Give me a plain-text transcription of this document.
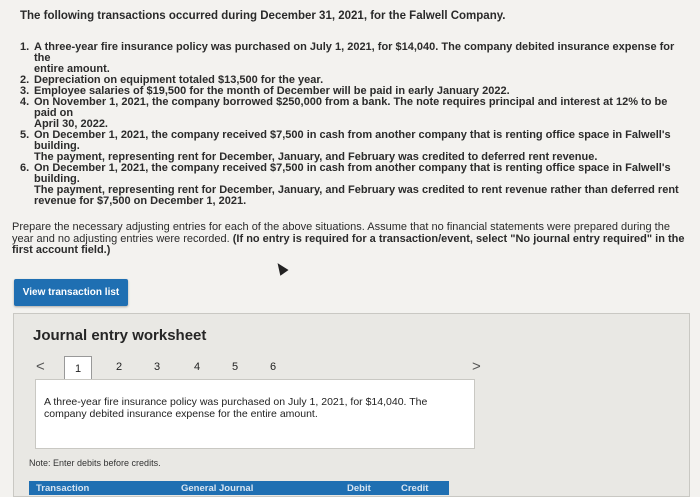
The following transactions occurred during December 31, 2021, for the Falwell Company.
1. A three-year fire insurance policy was purchased on July 1, 2021, for $14,040. The company debited insurance expense for the
entire amount.
2. Depreciation on equipment totaled $13,500 for the year.
3. Employee salaries of $19,500 for the month of December will be paid in early January 2022.
4. On November 1, 2021, the company borrowed $250,000 from a bank. The note requires principal and interest at 12% to be paid on
April 30, 2022.
5. On December 1, 2021, the company received $7,500 in cash from another company that is renting office space in Falwell's building.
The payment, representing rent for December, January, and February was credited to deferred rent revenue.
6. On December 1, 2021, the company received $7,500 in cash from another company that is renting office space in Falwell's building.
The payment, representing rent for December, January, and February was credited to rent revenue rather than deferred rent
revenue for $7,500 on December 1, 2021.
Prepare the necessary adjusting entries for each of the above situations. Assume that no financial statements were prepared during the year and no adjusting entries were recorded. (If no entry is required for a transaction/event, select "No journal entry required" in the first account field.)
View transaction list
Journal entry worksheet
<	1	2	3	4	5	6	>
A three-year fire insurance policy was purchased on July 1, 2021, for $14,040. The company debited insurance expense for the entire amount.
Note: Enter debits before credits.
Transaction	General Journal	Debit	Credit
